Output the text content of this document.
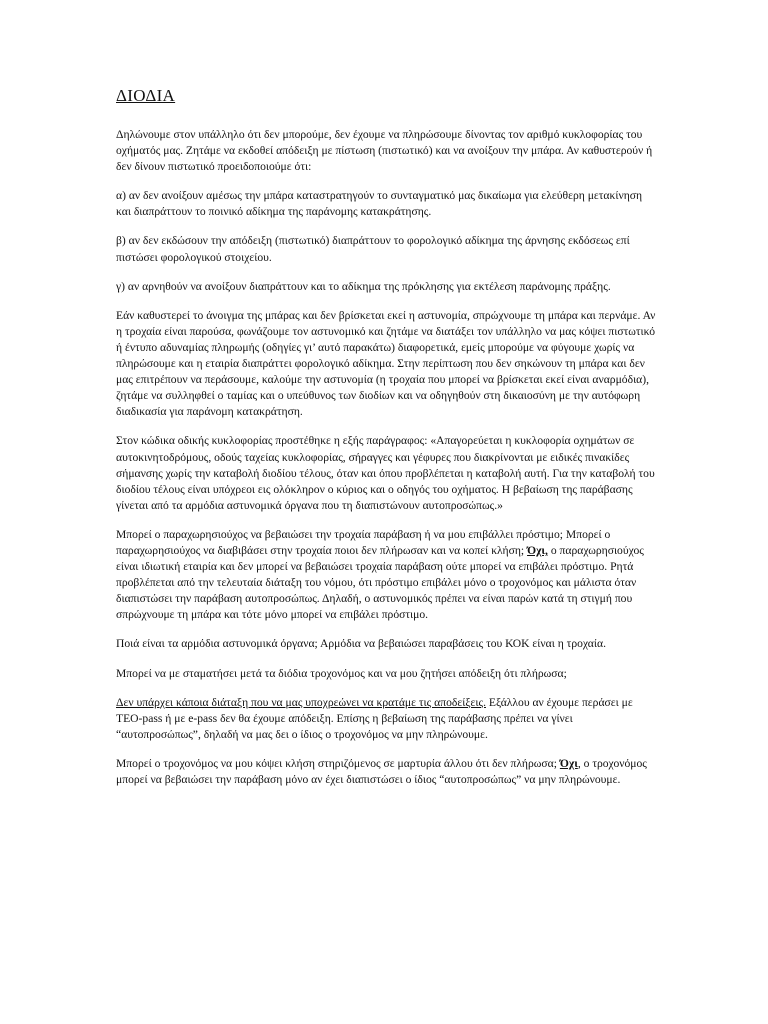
ΔΙΟΔΙΑ

Δηλώνουμε στον υπάλληλο ότι δεν μπορούμε, δεν έχουμε να πληρώσουμε δίνοντας τον αριθμό κυκλοφορίας του οχήματός μας. Ζητάμε να εκδοθεί απόδειξη με πίστωση (πιστωτικό) και να ανοίξουν την μπάρα. Αν καθυστερούν ή δεν δίνουν πιστωτικό προειδοποιούμε ότι:

α) αν δεν ανοίξουν αμέσως την μπάρα καταστρατηγούν το συνταγματικό μας δικαίωμα για ελεύθερη μετακίνηση και διαπράττουν το ποινικό αδίκημα της παράνομης κατακράτησης.

β) αν δεν εκδώσουν την απόδειξη (πιστωτικό) διαπράττουν το φορολογικό αδίκημα της άρνησης εκδόσεως επί πιστώσει φορολογικού στοιχείου.

γ) αν αρνηθούν να ανοίξουν διαπράττουν και το αδίκημα της πρόκλησης για εκτέλεση παράνομης πράξης.

Εάν καθυστερεί το άνοιγμα της μπάρας και δεν βρίσκεται εκεί η αστυνομία, σπρώχνουμε τη μπάρα και περνάμε. Αν η τροχαία είναι παρούσα, φωνάζουμε τον αστυνομικό και ζητάμε να διατάξει τον υπάλληλο να μας κόψει πιστωτικό ή έντυπο αδυναμίας πληρωμής (οδηγίες γι’ αυτό παρακάτω) διαφορετικά, εμείς μπορούμε να φύγουμε χωρίς να πληρώσουμε και η εταιρία διαπράττει φορολογικό αδίκημα. Στην περίπτωση που δεν σηκώνουν τη μπάρα και δεν μας επιτρέπουν να περάσουμε, καλούμε την αστυνομία (η τροχαία που μπορεί να βρίσκεται εκεί είναι αναρμόδια), ζητάμε να συλληφθεί ο ταμίας και ο υπεύθυνος των διοδίων και να οδηγηθούν στη δικαιοσύνη με την αυτόφωρη διαδικασία για παράνομη κατακράτηση.

Στον κώδικα οδικής κυκλοφορίας προστέθηκε η εξής παράγραφος: «Απαγορεύεται η κυκλοφορία οχημάτων σε αυτοκινητοδρόμους, οδούς ταχείας κυκλοφορίας, σήραγγες και γέφυρες που διακρίνονται με ειδικές πινακίδες σήμανσης χωρίς την καταβολή διοδίου τέλους, όταν και όπου προβλέπεται η καταβολή αυτή. Για την καταβολή του διοδίου τέλους είναι υπόχρεοι εις ολόκληρον ο κύριος και ο οδηγός του οχήματος. Η βεβαίωση της παράβασης γίνεται από τα αρμόδια αστυνομικά όργανα που τη διαπιστώνουν αυτοπροσώπως.»

Μπορεί ο παραχωρησιούχος να βεβαιώσει την τροχαία παράβαση ή να μου επιβάλλει πρόστιμο; Μπορεί ο παραχωρησιούχος να διαβιβάσει στην τροχαία ποιοι δεν πλήρωσαν και να κοπεί κλήση; Όχι, ο παραχωρησιούχος είναι ιδιωτική εταιρία και δεν μπορεί να βεβαιώσει τροχαία παράβαση ούτε μπορεί να επιβάλει πρόστιμο. Ρητά προβλέπεται από την τελευταία διάταξη του νόμου, ότι πρόστιμο επιβάλει μόνο ο τροχονόμος και μάλιστα όταν διαπιστώσει την παράβαση αυτοπροσώπως. Δηλαδή, ο αστυνομικός πρέπει να είναι παρών κατά τη στιγμή που σπρώχνουμε τη μπάρα και τότε μόνο μπορεί να επιβάλει πρόστιμο.

Ποιά είναι τα αρμόδια αστυνομικά όργανα; Αρμόδια να βεβαιώσει παραβάσεις του ΚΟΚ είναι η τροχαία.

Μπορεί να με σταματήσει μετά τα διόδια τροχονόμος και να μου ζητήσει απόδειξη ότι πλήρωσα;

Δεν υπάρχει κάποια διάταξη που να μας υποχρεώνει να κρατάμε τις αποδείξεις. Εξάλλου αν έχουμε περάσει με ΤΕΟ-pass ή με e-pass δεν θα έχουμε απόδειξη. Επίσης η βεβαίωση της παράβασης πρέπει να γίνει “αυτοπροσώπως”, δηλαδή να μας δει ο ίδιος ο τροχονόμος να μην πληρώνουμε.

Μπορεί ο τροχονόμος να μου κόψει κλήση στηριζόμενος σε μαρτυρία άλλου ότι δεν πλήρωσα; Όχι, ο τροχονόμος μπορεί να βεβαιώσει την παράβαση μόνο αν έχει διαπιστώσει ο ίδιος “αυτοπροσώπως” να μην πληρώνουμε.
